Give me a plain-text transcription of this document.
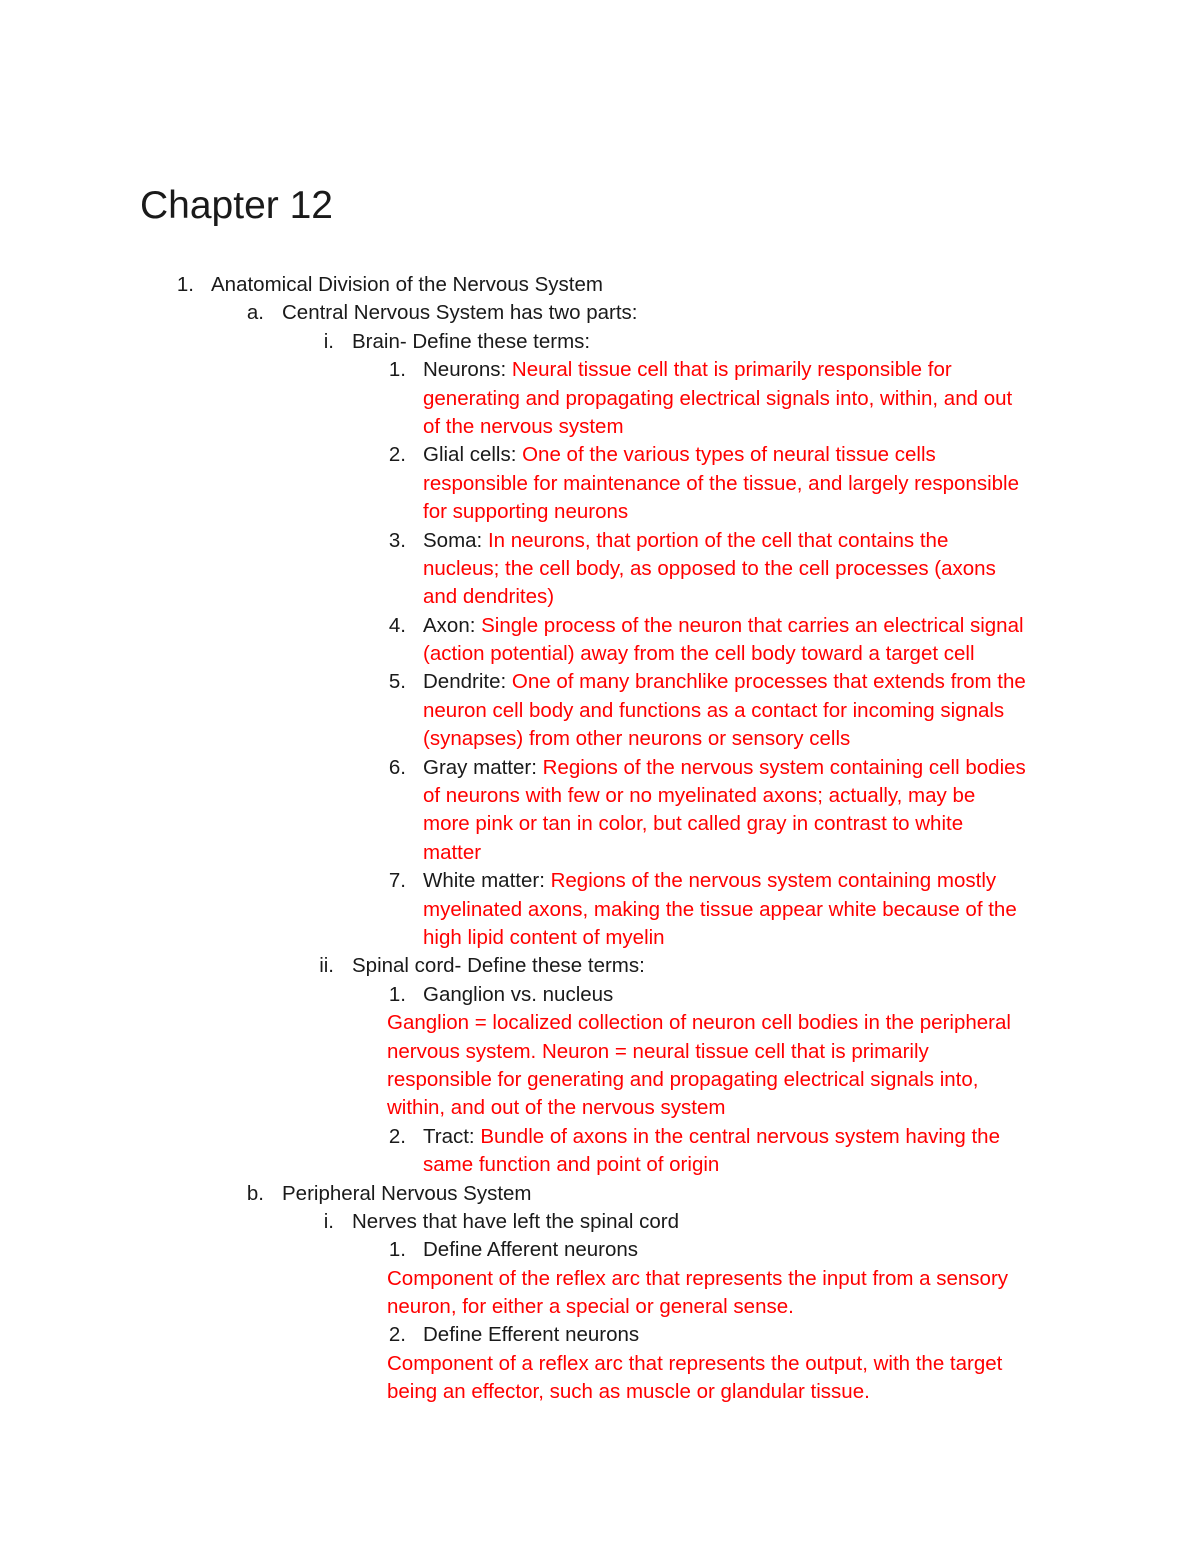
Chapter 12
1. Anatomical Division of the Nervous System
a. Central Nervous System has two parts:
i. Brain- Define these terms:
1. Neurons: Neural tissue cell that is primarily responsible for
generating and propagating electrical signals into, within, and out
of the nervous system
2. Glial cells: One of the various types of neural tissue cells
responsible for maintenance of the tissue, and largely responsible
for supporting neurons
3. Soma: In neurons, that portion of the cell that contains the
nucleus; the cell body, as opposed to the cell processes (axons
and dendrites)
4. Axon: Single process of the neuron that carries an electrical signal
(action potential) away from the cell body toward a target cell
5. Dendrite: One of many branchlike processes that extends from the
neuron cell body and functions as a contact for incoming signals
(synapses) from other neurons or sensory cells
6. Gray matter: Regions of the nervous system containing cell bodies
of neurons with few or no myelinated axons; actually, may be
more pink or tan in color, but called gray in contrast to white
matter
7. White matter: Regions of the nervous system containing mostly
myelinated axons, making the tissue appear white because of the
high lipid content of myelin
ii. Spinal cord- Define these terms:
1. Ganglion vs. nucleus
Ganglion = localized collection of neuron cell bodies in the peripheral
nervous system. Neuron = neural tissue cell that is primarily
responsible for generating and propagating electrical signals into,
within, and out of the nervous system
2. Tract: Bundle of axons in the central nervous system having the
same function and point of origin
b. Peripheral Nervous System
i. Nerves that have left the spinal cord
1. Define Afferent neurons
Component of the reflex arc that represents the input from a sensory
neuron, for either a special or general sense.
2. Define Efferent neurons
Component of a reflex arc that represents the output, with the target
being an effector, such as muscle or glandular tissue.
